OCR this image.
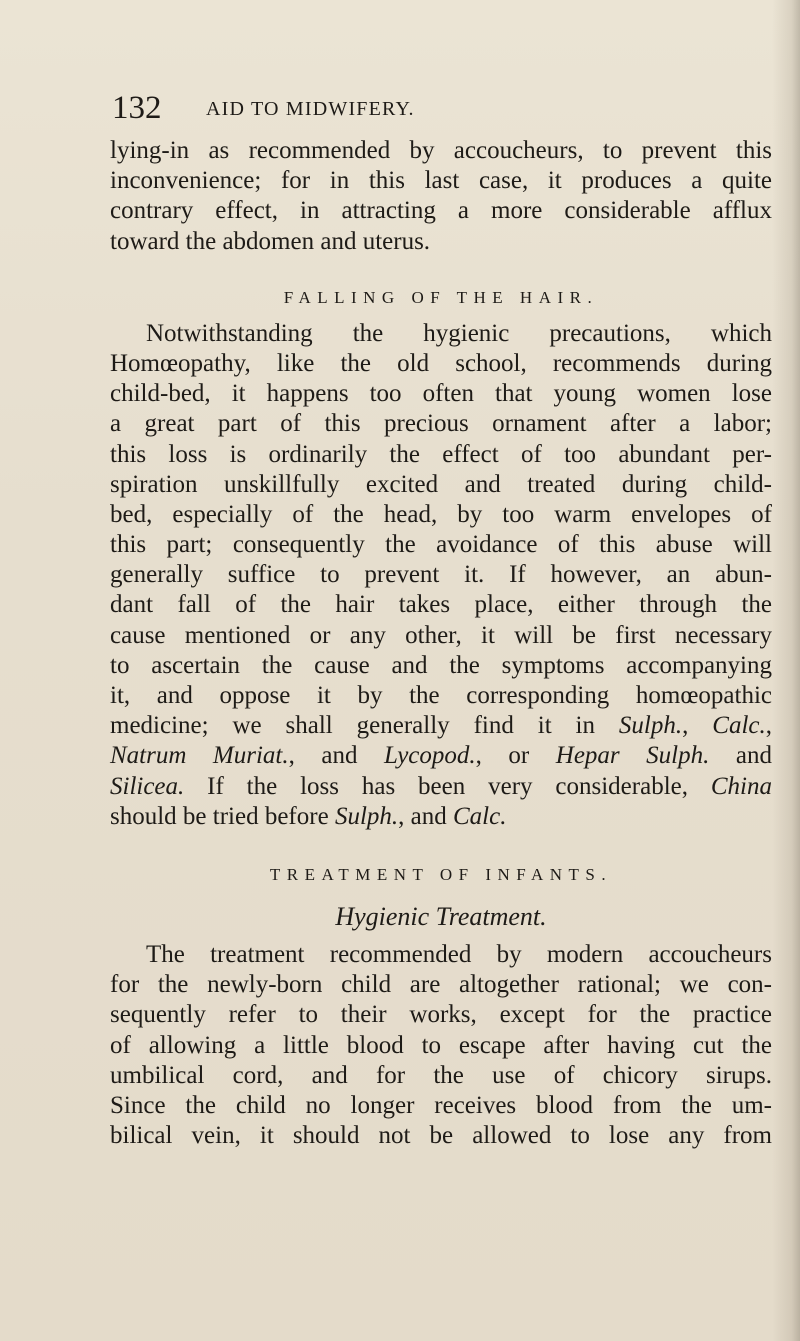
132 AID TO MIDWIFERY.
lying-in as recommended by accoucheurs, to prevent this
inconvenience; for in this last case, it produces a quite
contrary effect, in attracting a more considerable afflux
toward the abdomen and uterus.
FALLING OF THE HAIR.
Notwithstanding the hygienic precautions, which
Homœopathy, like the old school, recommends during
child-bed, it happens too often that young women lose
a great part of this precious ornament after a labor;
this loss is ordinarily the effect of too abundant per-
spiration unskillfully excited and treated during child-
bed, especially of the head, by too warm envelopes of
this part; consequently the avoidance of this abuse will
generally suffice to prevent it. If however, an abun-
dant fall of the hair takes place, either through the
cause mentioned or any other, it will be first necessary
to ascertain the cause and the symptoms accompanying
it, and oppose it by the corresponding homœopathic
medicine; we shall generally find it in Sulph., Calc.,
Natrum Muriat., and Lycopod., or Hepar Sulph. and
Silicea. If the loss has been very considerable, China
should be tried before Sulph., and Calc.
TREATMENT OF INFANTS.
Hygienic Treatment.
The treatment recommended by modern accoucheurs
for the newly-born child are altogether rational; we con-
sequently refer to their works, except for the practice
of allowing a little blood to escape after having cut the
umbilical cord, and for the use of chicory sirups.
Since the child no longer receives blood from the um-
bilical vein, it should not be allowed to lose any from
